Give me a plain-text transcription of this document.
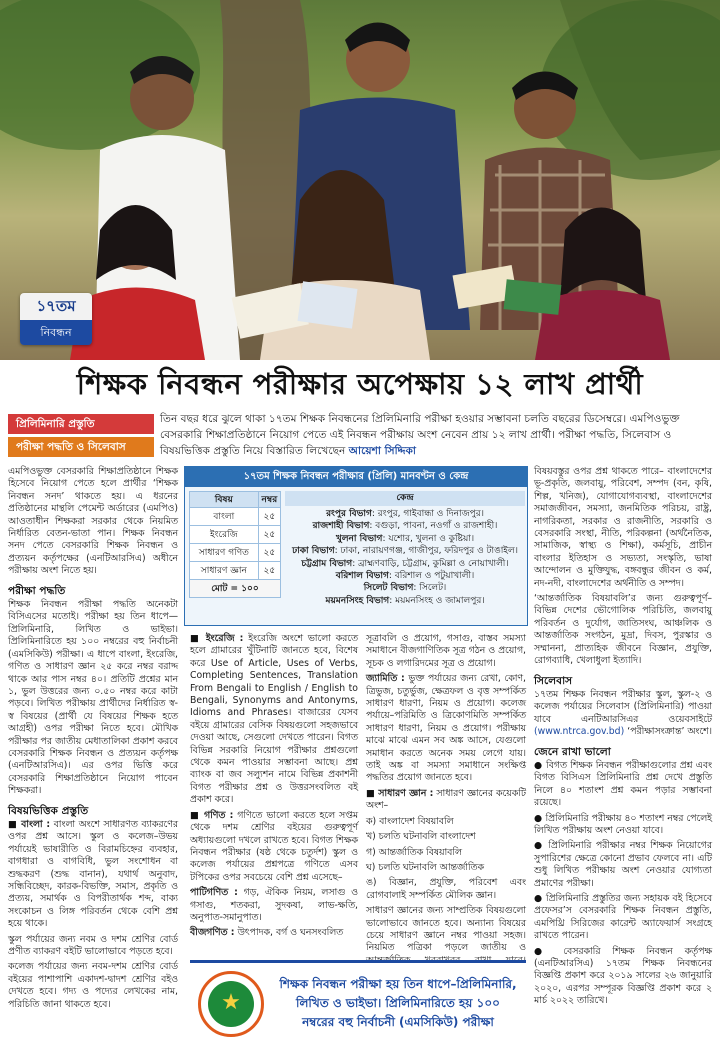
১৭তম
নিবন্ধন
শিক্ষক নিবন্ধন পরীক্ষার অপেক্ষায় ১২ লাখ প্রার্থী
প্রিলিমিনারি প্রস্তুতি
পরীক্ষা পদ্ধতি ও সিলেবাস
তিন বছর ধরে ঝুলে থাকা ১৭তম শিক্ষক নিবন্ধনের প্রিলিমিনারি পরীক্ষা হওয়ার সম্ভাবনা চলতি বছরের ডিসেম্বরে। এমপিওভুক্ত বেসরকারি শিক্ষাপ্রতিষ্ঠানে নিয়োগ পেতে এই নিবন্ধন পরীক্ষায় অংশ নেবেন প্রায় ১২ লাখ প্রার্থী। পরীক্ষা পদ্ধতি, সিলেবাস ও বিষয়ভিত্তিক প্রস্তুতি নিয়ে বিস্তারিত লিখেছেন আয়েশা সিদ্দিকা

এমপিওভুক্ত বেসরকারি শিক্ষাপ্রতিষ্ঠানে শিক্ষক হিসেবে নিয়োগ পেতে হলে প্রার্থীর ‘শিক্ষক নিবন্ধন সনদ’ থাকতে হয়। এ ধরনের প্রতিষ্ঠানের মান্থলি পেমেন্ট অর্ডারের (এমপিও) আওতাধীন শিক্ষকরা সরকার থেকে নিয়মিত নির্ধারিত বেতন-ভাতা পান। শিক্ষক নিবন্ধন সনদ পেতে বেসরকারি শিক্ষক নিবন্ধন ও প্রত্যয়ন কর্তৃপক্ষের (এনটিআরসিএ) অধীনে পরীক্ষায় অংশ নিতে হয়।

পরীক্ষা পদ্ধতি

শিক্ষক নিবন্ধন পরীক্ষা পদ্ধতি অনেকটা বিসিএসের মতোই। পরীক্ষা হয় তিন ধাপে—প্রিলিমিনারি, লিখিত ও ভাইভা। প্রিলিমিনারিতে হয় ১০০ নম্বরের বহু নির্বাচনী (এমসিকিউ) পরীক্ষা। এ ধাপে বাংলা, ইংরেজি, গণিত ও সাধারণ জ্ঞান ২৫ করে নম্বর বরাদ্দ থাকে আর পাস নম্বর ৪০। প্রতিটি প্রশ্নের মান ১, ভুল উত্তরের জন্য ০.৫০ নম্বর করে কাটা পড়বে। লিখিত পরীক্ষায় প্রার্থীদের নির্ধারিত স্ব-স্ব বিষয়ের (প্রার্থী যে বিষয়ের শিক্ষক হতে আগ্রহী) ওপর পরীক্ষা নিতে হবে। মৌখিক পরীক্ষার পর জাতীয় মেধাতালিকা প্রকাশ করবে বেসরকারি শিক্ষক নিবন্ধন ও প্রত্যয়ন কর্তৃপক্ষ (এনটিআরসিএ)। এর ওপর ভিত্তি করে বেসরকারি শিক্ষাপ্রতিষ্ঠানে নিয়োগ পাবেন শিক্ষকরা।

বিষয়ভিত্তিক প্রস্তুতি

■ বাংলা : বাংলা অংশে সাধারণত ব্যাকরণের ওপর প্রশ্ন আসে। স্কুল ও কলেজ–উভয় পর্যায়েই ভাষারীতি ও বিরামচিহ্নের ব্যবহার, বাগধারা ও বাগবিধি, ভুল সংশোধন বা শুদ্ধকরণ (শুদ্ধ বানান), যথার্থ অনুবাদ, সন্ধিবিচ্ছেদ, কারক-বিভক্তি, সমাস, প্রকৃতি ও প্রত্যয়, সমার্থক ও বিপরীতার্থক শব্দ, বাক্য সংকোচন ও লিঙ্গ পরিবর্তন থেকে বেশি প্রশ্ন হয়ে থাকে।

স্কুল পর্যায়ের জন্য নবম ও দশম শ্রেণির বোর্ড প্রণীত ব্যাকরণ বইটি ভালোভাবে পড়তে হবে।

কলেজ পর্যায়ের জন্য নবম-দশম শ্রেণির বোর্ড বইয়ের পাশাপাশি একাদশ-দ্বাদশ শ্রেণির বইও দেখতে হবে। গদ্য ও পদ্যের লেখকের নাম, পরিচিতি জানা থাকতে হবে।

১৭তম শিক্ষক নিবন্ধন পরীক্ষার (প্রিলি) মানবণ্টন ও কেন্দ্র
বিষয়	নম্বর
বাংলা	২৫
ইংরেজি	২৫
সাধারণ গণিত	২৫
সাধারণ জ্ঞান	২৫
মোট = ১০০	
কেন্দ্র
রংপুর বিভাগ: রংপুর, গাইবান্ধা ও দিনাজপুর।
রাজশাহী বিভাগ: বগুড়া, পাবনা, নওগাঁ ও রাজশাহী।
খুলনা বিভাগ: যশোর, খুলনা ও কুষ্টিয়া।
ঢাকা বিভাগ: ঢাকা, নারায়ণগঞ্জ, গাজীপুর, ফরিদপুর ও টাঙাইল।
চট্টগ্রাম বিভাগ: ব্রাহ্মণবাড়ি, চট্টগ্রাম, কুমিল্লা ও নোয়াখালী।
বরিশাল বিভাগ: বরিশাল ও পটুয়াখালী।
সিলেট বিভাগ: সিলেট।
ময়মনসিংহ বিভাগ: ময়মনসিংহ ও জামালপুর।

■ ইংরেজি : ইংরেজি অংশে ভালো করতে হলে গ্রামারের খুঁটিনাটি জানতে হবে, বিশেষ করে Use of Article, Uses of Verbs, Completing Sentences, Translation From Bengali to English / English to Bengali, Synonyms and Antonyms, Idioms and Phrases। বাজারের যেসব বইয়ে গ্রামারের বেসিক বিষয়গুলো সহজভাবে দেওয়া আছে, সেগুলো দেখতে পারেন। বিগত বিভিন্ন সরকারি নিয়োগ পরীক্ষার প্রশ্নগুলো থেকে কমন পাওয়ার সম্ভাবনা আছে। প্রশ্ন ব্যাংক বা জব সল্যুশন নামে বিভিন্ন প্রকাশনী বিগত পরীক্ষার প্রশ্ন ও উত্তরসংবলিত বই প্রকাশ করে।

■ গণিত : গণিতে ভালো করতে হলে সপ্তম থেকে দশম শ্রেণির বইয়ের গুরুত্বপূর্ণ অধ্যায়গুলো দখলে রাখতে হবে। বিগত শিক্ষক নিবন্ধন পরীক্ষার (ষষ্ঠ থেকে চতুর্দশ) স্কুল ও কলেজ পর্যায়ের প্রশ্নপত্রে গণিতে এসব টপিকের ওপর সবচেয়ে বেশি প্রশ্ন এসেছে–

পাটিগণিত : গড়, ঐকিক নিয়ম, লসাগু ও গসাগু, শতকরা, সুদকষা, লাভ-ক্ষতি, অনুপাত-সমানুপাত।

বীজগণিত : উৎপাদক, বর্গ ও ঘনসংবলিত

সূত্রাবলি ও প্রয়োগ, গসাগু, বাস্তব সমস্যা সমাধানে বীজগাণিতিক সূত্র গঠন ও প্রয়োগ, সূচক ও লগারিদমের সূত্র ও প্রয়োগ।

জ্যামিতি : ভুক্ত পর্যায়ের জন্য রেখা, কোণ, ত্রিভুজ, চতুর্ভুজ, ক্ষেত্রফল ও বৃত্ত সম্পর্কিত সাধারণ ধারণা, নিয়ম ও প্রয়োগ। কলেজ পর্যায়ে–পরিমিতি ও ত্রিকোণমিতি সম্পর্কিত সাধারণ ধারণা, নিয়ম ও প্রয়োগ। পরীক্ষায় মাঝে মাঝে এমন সব অঙ্ক আসে, যেগুলো সমাধান করতে অনেক সময় লেগে যায়। তাই অঙ্ক বা সমস্যা সমাধানে সংক্ষিপ্ত পদ্ধতির প্রয়োগ জানতে হবে।

■ সাধারণ জ্ঞান : সাধারণ জ্ঞানের কয়েকটি অংশ–

ক) বাংলাদেশ বিষয়াবলি

খ) চলতি ঘটনাবলি বাংলাদেশ

গ) আন্তর্জাতিক বিষয়াবলি

ঘ) চলতি ঘটনাবলি আন্তর্জাতিক

ঙ) বিজ্ঞান, প্রযুক্তি, পরিবেশ এবং রোগবালাই সম্পর্কিত মৌলিক জ্ঞান।

সাধারণ জ্ঞানের জন্য সাম্প্রতিক বিষয়গুলো ভালোভাবে জানতে হবে। অন্যান্য বিষয়ের চেয়ে সাধারণ জ্ঞানে নম্বর পাওয়া সহজ। নিয়মিত পত্রিকা পড়লে জাতীয় ও

বিষয়বস্তুর ওপর প্রশ্ন থাকতে পারে– বাংলাদেশের ভূ-প্রকৃতি, জলবায়ু, পরিবেশ, সম্পদ (বন, কৃষি, শিল্প, খনিজ), যোগাযোগব্যবস্থা, বাংলাদেশের সমাজজীবন, সমস্যা, জনমিতিক পরিচয়, রাষ্ট্র, নাগরিকতা, সরকার ও রাজনীতি, সরকারি ও বেসরকারি সংস্থা, নীতি, পরিকল্পনা (অর্থনৈতিক, সামাজিক, স্বাস্থ্য ও শিক্ষা), কর্মসূচি, প্রাচীন বাংলার ইতিহাস ও সভ্যতা, সংস্কৃতি, ভাষা আন্দোলন ও মুক্তিযুদ্ধ, বঙ্গবন্ধুর জীবন ও কর্ম, নদ-নদী, বাংলাদেশের অর্থনীতি ও সম্পদ।

‘আন্তর্জাতিক বিষয়াবলি’র জন্য গুরুত্বপূর্ণ–বিভিন্ন দেশের ভৌগোলিক পরিচিতি, জলবায়ু পরিবর্তন ও দুর্যোগ, জাতিসংঘ, আঞ্চলিক ও আন্তর্জাতিক সংগঠন, মুদ্রা, দিবস, পুরস্কার ও সম্মাননা, প্রাত্যহিক জীবনে বিজ্ঞান, প্রযুক্তি, রোগব্যাধি, খেলাধুলা ইত্যাদি।

সিলেবাস

১৭তম শিক্ষক নিবন্ধন পরীক্ষার স্কুল, স্কুল-২ ও কলেজ পর্যায়ের সিলেবাস (প্রিলিমিনারি) পাওয়া যাবে এনটিআরসিএর ওয়েবসাইটে (www.ntrca.gov.bd) ‘পরীক্ষাসংক্রান্ত’ অংশে।

জেনে রাখা ভালো

● বিগত শিক্ষক নিবন্ধন পরীক্ষাগুলোর প্রশ্ন এবং বিগত বিসিএস প্রিলিমিনারি প্রশ্ন দেখে প্রস্তুতি নিলে ৪০ শতাংশ প্রশ্ন কমন পড়ার সম্ভাবনা রয়েছে।

● প্রিলিমিনারি পরীক্ষায় ৪০ শতাংশ নম্বর পেলেই লিখিত পরীক্ষায় অংশ নেওয়া যাবে।

● প্রিলিমিনারি পরীক্ষার নম্বর শিক্ষক নিয়োগের সুপারিশের ক্ষেত্রে কোনো প্রভাব ফেলবে না। এটি শুধু লিখিত পরীক্ষায় অংশ নেওয়ার যোগ্যতা প্রমাণের পরীক্ষা।

● প্রিলিমিনারি প্রস্তুতির জন্য সহায়ক বই হিসেবে প্রফেসর’স বেসরকারি শিক্ষক নিবন্ধন প্রস্তুতি, এমপিথ্রি সিরিজের কারেন্ট অ্যাফেয়ার্স সংগ্রহে রাখতে পারেন।

● বেসরকারি শিক্ষক নিবন্ধন কর্তৃপক্ষ (এনটিআরসিএ) ১৭তম শিক্ষক নিবন্ধনের বিজ্ঞপ্তি প্রকাশ করে ২০১৯ সালের ২৬ জানুয়ারি ২০২০, এরপর সম্পূরক বিজ্ঞপ্তি প্রকাশ করে ২ মার্চ ২০২২ তারিখে।

★
শিক্ষক নিবন্ধন পরীক্ষা হয় তিন ধাপে–প্রিলিমিনারি, লিখিত ও ভাইভা। প্রিলিমিনারিতে হয় ১০০ নম্বরের বহু নির্বাচনী (এমসিকিউ) পরীক্ষা
